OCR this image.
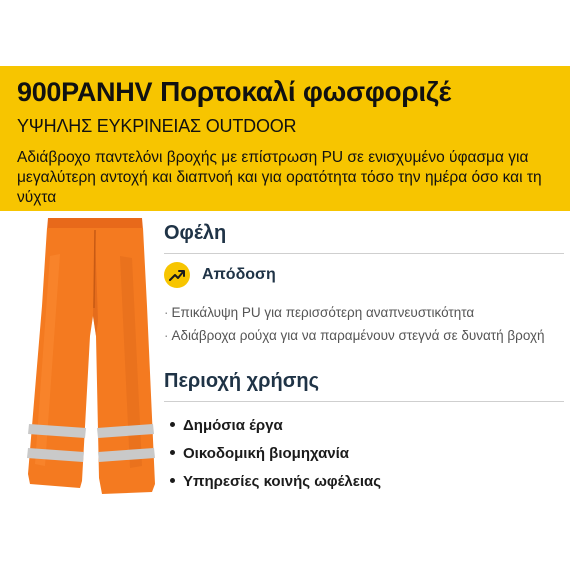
900PANHV Πορτοκαλί φωσφοριζέ
ΥΨΗΛΗΣ ΕΥΚΡΙΝΕΙΑΣ OUTDOOR

Αδιάβροχο παντελόνι βροχής με επίστρωση PU σε ενισχυμένο ύφασμα για μεγαλύτερη αντοχή και διαπνοή και για ορατότητα τόσο την ημέρα όσο και τη νύχτα

Οφέλη
Απόδοση
· Επικάλυψη PU για περισσότερη αναπνευστικότητα
· Αδιάβροχα ρούχα για να παραμένουν στεγνά σε δυνατή βροχή
Περιοχή χρήσης
Δημόσια έργα
Οικοδομική βιομηχανία
Υπηρεσίες κοινής ωφέλειας
